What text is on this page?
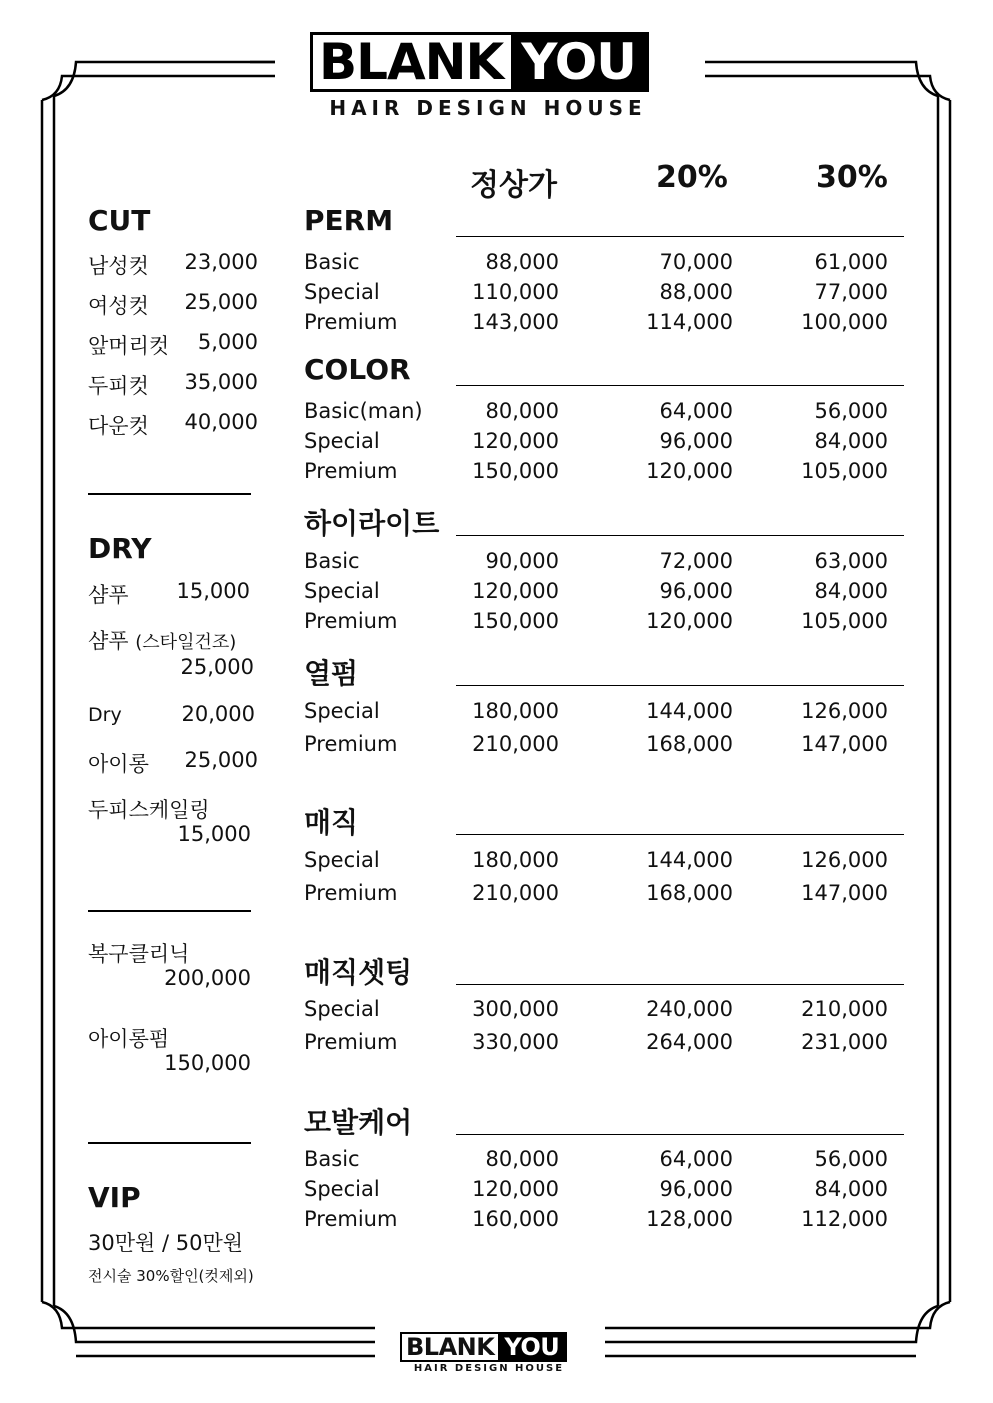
BLANK YOU
HAIR DESIGN HOUSE
정상가	20%	30%
CUT
남성컷 23,000
여성컷 25,000
앞머리컷 5,000
두피컷 35,000
다운컷 40,000
DRY
샴푸 15,000
샴푸 (스타일건조)
25,000
Dry	20,000
아이롱 25,000
두피스케일링
15,000
복구클리닉
200,000
아이롱펌
150,000
VIP
30만원 / 50만원
전시술 30%할인(컷제외)
PERM
Basic	88,000	70,000	61,000
Special	110,000	88,000	77,000
Premium	143,000	114,000	100,000
COLOR
Basic(man)	80,000	64,000	56,000
Special	120,000	96,000	84,000
Premium	150,000	120,000	105,000
하이라이트
Basic	90,000	72,000	63,000
Special	120,000	96,000	84,000
Premium	150,000	120,000	105,000
열펌
Special	180,000	144,000	126,000
Premium	210,000	168,000	147,000
매직
Special	180,000	144,000	126,000
Premium	210,000	168,000	147,000
매직셋팅
Special	300,000	240,000	210,000
Premium	330,000	264,000	231,000
모발케어
Basic	80,000	64,000	56,000
Special	120,000	96,000	84,000
Premium	160,000	128,000	112,000
BLANK YOU
HAIR DESIGN HOUSE
